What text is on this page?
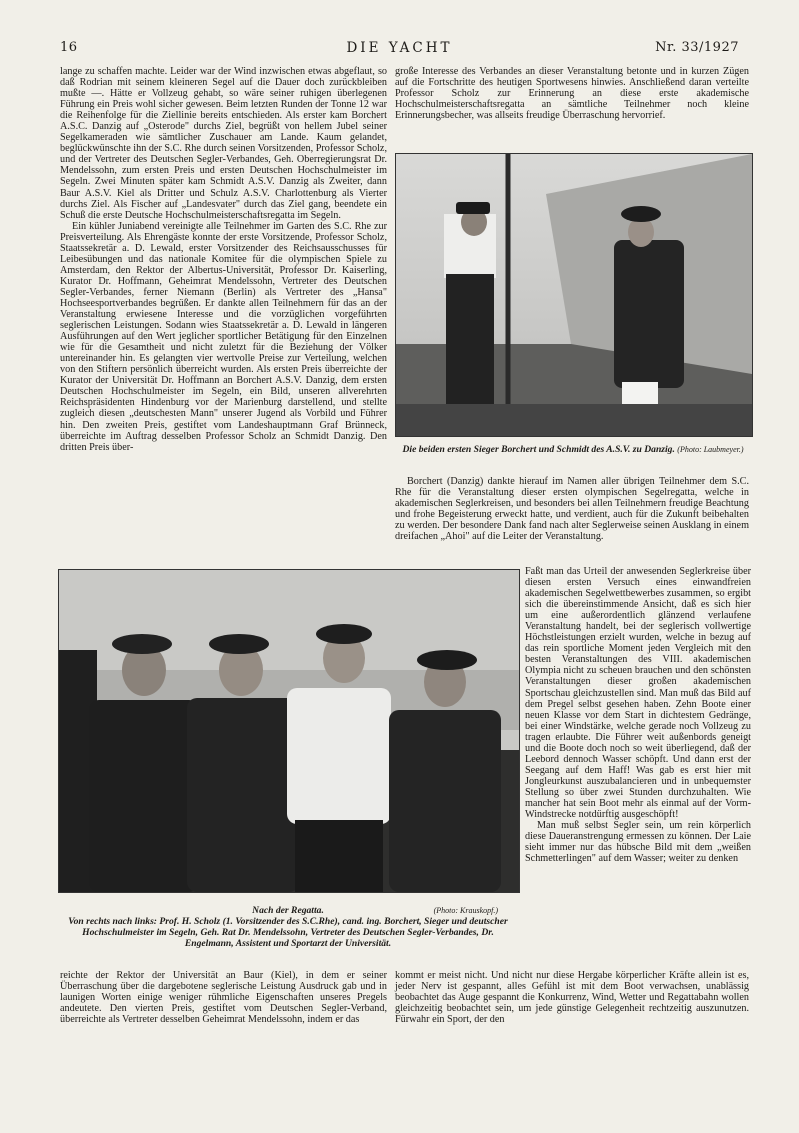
16	DIE YACHT	Nr. 33/1927

lange zu schaffen machte. Leider war der Wind inzwischen etwas abgeflaut, so daß Rodrian mit seinem kleineren Segel auf die Dauer doch zurückbleiben mußte —. Hätte er Vollzeug gehabt, so wäre seiner ruhigen überlegenen Führung ein Preis wohl sicher gewesen. Beim letzten Runden der Tonne 12 war die Reihenfolge für die Ziellinie bereits entschieden. Als erster kam Borchert A.S.C. Danzig auf „Osterode" durchs Ziel, begrüßt von hellem Jubel seiner Segelkameraden wie sämtlicher Zuschauer am Lande. Kaum gelandet, beglückwünschte ihn der S.C. Rhe durch seinen Vorsitzenden, Professor Scholz, und der Vertreter des Deutschen Segler-Verbandes, Geh. Oberregierungsrat Dr. Mendelssohn, zum ersten Preis und ersten Deutschen Hochschulmeister im Segeln. Zwei Minuten später kam Schmidt A.S.V. Danzig als Zweiter, dann Baur A.S.V. Kiel als Dritter und Schulz A.S.V. Charlottenburg als Vierter durchs Ziel. Als Fischer auf „Landesvater" durch das Ziel gang, beendete ein Schuß die erste Deutsche Hochschulmeisterschaftsregatta im Segeln.

Ein kühler Juniabend vereinigte alle Teilnehmer im Garten des S.C. Rhe zur Preisverteilung. Als Ehrengäste konnte der erste Vorsitzende, Professor Scholz, Staatssekretär a. D. Lewald, erster Vorsitzender des Reichsausschusses für Leibesübungen und das nationale Komitee für die olympischen Spiele zu Amsterdam, den Rektor der Albertus-Universität, Professor Dr. Kaiserling, Kurator Dr. Hoffmann, Geheimrat Mendelssohn, Vertreter des Deutschen Segler-Verbandes, ferner Niemann (Berlin) als Vertreter des „Hansa" Hochseesportverbandes begrüßen. Er dankte allen Teilnehmern für das an der Veranstaltung erwiesene Interesse und die vorzüglichen vorgeführten seglerischen Leistungen. Sodann wies Staatssekretär a. D. Lewald in längeren Ausführungen auf den Wert jeglicher sportlicher Betätigung für den Einzelnen wie für die Gesamtheit und nicht zuletzt für die Beziehung der Völker untereinander hin. Es gelangten vier wertvolle Preise zur Verteilung, welchen von den Stiftern persönlich überreicht wurden. Als ersten Preis überreichte der Kurator der Universität Dr. Hoffmann an Borchert A.S.V. Danzig, dem ersten Deutschen Hochschulmeister im Segeln, ein Bild, unseren allverehrten Reichspräsidenten Hindenburg vor der Marienburg darstellend, und stellte zugleich diesen „deutschesten Mann" unserer Jugend als Vorbild und Führer hin. Den zweiten Preis, gestiftet vom Landeshauptmann Graf Brünneck, überreichte im Auftrag desselben Professor Scholz an Schmidt Danzig. Den dritten Preis über-

große Interesse des Verbandes an dieser Veranstaltung betonte und in kurzen Zügen auf die Fortschritte des heutigen Sportwesens hinwies. Anschließend daran verteilte Professor Scholz zur Erinnerung an diese erste akademische Hochschulmeisterschaftsregatta an sämtliche Teilnehmer noch kleine Erinnerungsbecher, was allseits freudige Überraschung hervorrief.

Die beiden ersten Sieger Borchert und Schmidt des A.S.V. zu Danzig. (Photo: Laubmeyer.)

Borchert (Danzig) dankte hierauf im Namen aller übrigen Teilnehmer dem S.C. Rhe für die Veranstaltung dieser ersten olympischen Segelregatta, welche in akademischen Seglerkreisen, und besonders bei allen Teilnehmern freudige Beachtung und frohe Begeisterung erweckt hatte, und verdient, auch für die Zukunft beibehalten zu werden. Der besondere Dank fand nach alter Seglerweise seinen Ausklang in einem dreifachen „Ahoi" auf die Leiter der Veranstaltung.

Nach der Regatta.	(Photo: Krauskopf.)
Von rechts nach links: Prof. H. Scholz (1. Vorsitzender des S.C.Rhe), cand. ing. Borchert, Sieger und deutscher Hochschulmeister im Segeln, Geh. Rat Dr. Mendelssohn, Vertreter des Deutschen Segler-Verbandes, Dr. Engelmann, Assistent und Sportarzt der Universität.

Faßt man das Urteil der anwesenden Seglerkreise über diesen ersten Versuch eines einwandfreien akademischen Segelwettbewerbes zusammen, so ergibt sich die übereinstimmende Ansicht, daß es sich hier um eine außerordentlich glänzend verlaufene Veranstaltung handelt, bei der seglerisch vollwertige Höchstleistungen erzielt wurden, welche in bezug auf das rein sportliche Moment jeden Vergleich mit den besten Veranstaltungen des VIII. akademischen Olympia nicht zu scheuen brauchen und den schönsten Veranstaltungen dieser großen akademischen Sportschau gleichzustellen sind. Man muß das Bild auf dem Pregel selbst gesehen haben. Zehn Boote einer neuen Klasse vor dem Start in dichtestem Gedränge, bei einer Windstärke, welche gerade noch Vollzeug zu tragen erlaubte. Die Führer weit außenbords geneigt und die Boote doch noch so weit überliegend, daß der Leebord dennoch Wasser schöpft. Und dann erst der Seegang auf dem Haff! Was gab es erst hier mit Jongleurkunst auszubalancieren und in unbequemster Stellung so über zwei Stunden durchzuhalten. Wie mancher hat sein Boot mehr als einmal auf der Vorm-Windstrecke notdürftig ausgeschöpft!

Man muß selbst Segler sein, um rein körperlich diese Daueranstrengung ermessen zu können. Der Laie sieht immer nur das hübsche Bild mit dem „weißen Schmetterlingen" auf dem Wasser; weiter zu denken

reichte der Rektor der Universität an Baur (Kiel), in dem er seiner Überraschung über die dargebotene seglerische Leistung Ausdruck gab und in launigen Worten einige weniger rühmliche Eigenschaften unseres Pregels andeutete. Den vierten Preis, gestiftet vom Deutschen Segler-Verband, überreichte als Vertreter desselben Geheimrat Mendelssohn, indem er das

kommt er meist nicht. Und nicht nur diese Hergabe körperlicher Kräfte allein ist es, jeder Nerv ist gespannt, alles Gefühl ist mit dem Boot verwachsen, unablässig beobachtet das Auge gespannt die Konkurrenz, Wind, Wetter und Regattabahn wollen gleichzeitig beobachtet sein, um jede günstige Gelegenheit rechtzeitig auszunutzen. Fürwahr ein Sport, der den
